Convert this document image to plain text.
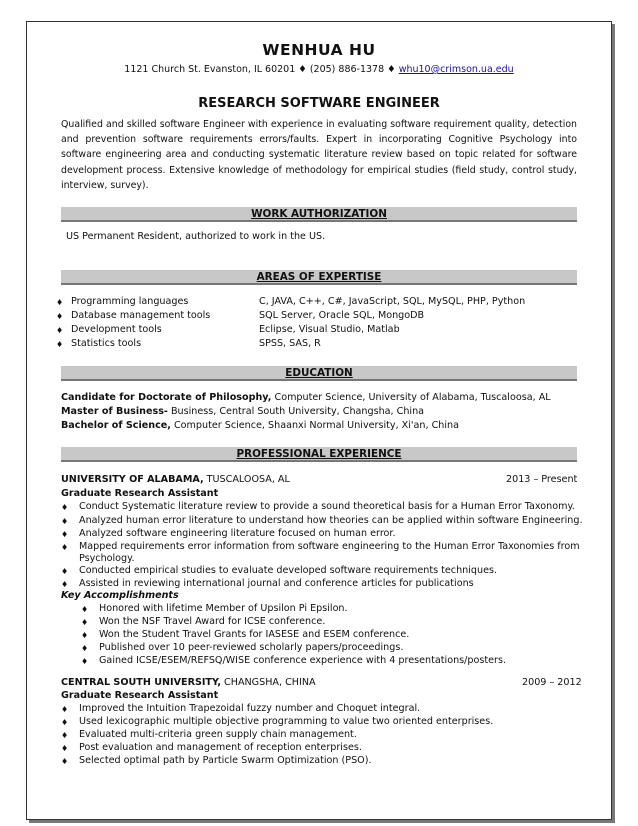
WENHUA HU
1121 Church St. Evanston, IL 60201 ♦ (205) 886-1378 ♦ whu10@crimson.ua.edu
RESEARCH SOFTWARE ENGINEER
Qualified and skilled software Engineer with experience in evaluating software requirement quality, detection and prevention software requirements errors/faults. Expert in incorporating Cognitive Psychology into software engineering area and conducting systematic literature review based on topic related for software development process. Extensive knowledge of methodology for empirical studies (field study, control study, interview, survey).
WORK AUTHORIZATION
US Permanent Resident, authorized to work in the US.
AREAS OF EXPERTISE
♦ Programming languages	C, JAVA, C++, C#, JavaScript, SQL, MySQL, PHP, Python
♦ Database management tools	SQL Server, Oracle SQL, MongoDB
♦ Development tools	Eclipse, Visual Studio, Matlab
♦ Statistics tools	SPSS, SAS, R
EDUCATION
Candidate for Doctorate of Philosophy, Computer Science, University of Alabama, Tuscaloosa, AL
Master of Business- Business, Central South University, Changsha, China
Bachelor of Science, Computer Science, Shaanxi Normal University, Xi'an, China
PROFESSIONAL EXPERIENCE
UNIVERSITY OF ALABAMA, TUSCALOOSA, AL	2013 – Present
Graduate Research Assistant
♦ Conduct Systematic literature review to provide a sound theoretical basis for a Human Error Taxonomy.
♦ Analyzed human error literature to understand how theories can be applied within software Engineering.
♦ Analyzed software engineering literature focused on human error.
♦ Mapped requirements error information from software engineering to the Human Error Taxonomies from
Psychology.
♦ Conducted empirical studies to evaluate developed software requirements techniques.
♦ Assisted in reviewing international journal and conference articles for publications
Key Accomplishments
♦ Honored with lifetime Member of Upsilon Pi Epsilon.
♦ Won the NSF Travel Award for ICSE conference.
♦ Won the Student Travel Grants for IASESE and ESEM conference.
♦ Published over 10 peer-reviewed scholarly papers/proceedings.
♦ Gained ICSE/ESEM/REFSQ/WISE conference experience with 4 presentations/posters.
CENTRAL SOUTH UNIVERSITY, CHANGSHA, CHINA	2009 – 2012
Graduate Research Assistant
♦ Improved the Intuition Trapezoidal fuzzy number and Choquet integral.
♦ Used lexicographic multiple objective programming to value two oriented enterprises.
♦ Evaluated multi-criteria green supply chain management.
♦ Post evaluation and management of reception enterprises.
♦ Selected optimal path by Particle Swarm Optimization (PSO).
